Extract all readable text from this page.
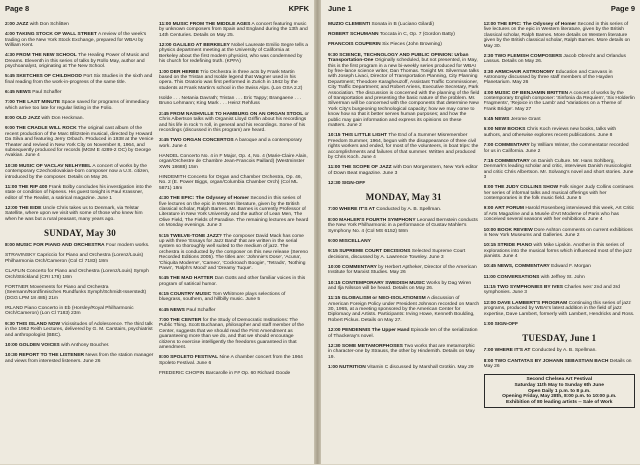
Page 8	KPFK

2:00 JAZZ with Don Schlitten

4:00 TAKING STOCK OF WALL STREET A review of the week's trading on the New York Stock Exchange, prepared for WBAI by William Kent.

4:30 FROM THE NEW SCHOOL The Healing Power of Music and Dreams. Eleventh in this series of talks by Rollo May, author and psychoanalyst, originating at The New School.

5:45 SKETCHES OF CHILDHOOD Port Six Studies in the sixth and final reading from the work-in-progress of the same title.

6:45 NEWS Paul Schaffer

7:00 THE LAST MINUTE Space saved for programs of immediacy which arrive too late for regular listing in the Folio.

8:00 OLD JAZZ with Don Heckman.

9:00 THE CRADLE WILL ROCK The original cast album of the recent production of the Marc Blitzstein musical, directed by Howard Da Silva and featuring Jerry Orbach. Produced in 1938 at the Venice Theater and revived in New York City on November 8, 1964, and subsequently produced for records (MGM E 4289-2 OC) by George Avakian. June 4

10:30 MUSIC OF VACLAV NELHYBEL A concert of works by the contemporary Czechoslovakian-born composer now a U.S. citizen, introduced by the composer. Details on May 26.

11:00 THE RIP 400 Frank Bolby concludes his investigation into the state or condition of hipness. His guest tonight is Paul Krassner, editor of The Realist, a satirical magazine. June 1

12:00 THE EIDE Uncle Chris takes us to Denmark, via Telstar Satellite, where upon we visit with some of those who knew him when he was but a rural peasant, many years ago.

SUNDAY, May 30

8:00 MUSIC FOR PIANO AND ORCHESTRA Four modern works.

STRAVINSKY Capriccio for Piano and Orchestra (Lorenz/Louis) Philharmonia Orch/Cameron (Col Cl 7183) 18m

CLAFLIN Concerto for Piano and Orchestra (Lorenz/Louis) Symph Orch/Strickland (CRI 178) 18m

FORTNER Movements for Piano and Orchestra (Seemann/Nordfinnisches Rundfunks Symph/Schmidt-Isserstedt) (DGG LPM 18 485) 21m

IRLAND Piano Concerto in Eb (Horsley/Royal Philharmonic Orch/Cameron) (Lon Cl 7183) 23m

9:30 THIS ISLAND NOW Vicissitudes of Adolescence. The third talk in the 1962 Reith Lectures, delivered by G. M. Carstairs, psychiatrist and anthropologist (BBC).

10:00 GOLDEN VOICES with Anthony Boucher.

10:30 REPORT TO THE LISTENER News from the station manager and views from interested listeners. June 26

11:00 MUSIC FROM THE MIDDLE AGES A concert featuring music by unknown composers from Spain and England during the 13th and 14th Centuries. Details on May 25.

12:00 GALILEO AT BERKELEY Nobel Laureate Emilio Segre tells a physics department meeting at the University of California at Berkeley about the first modern physicist, who was condemned by his church for redefining truth. (KPFA)

1:00 DER HERBE Trio Orchestra in three acts by Frank Martin based on the Tristan and Isolde legend that Wagner used in his opera. This Oratorio was first performed in Zurich in 1942 by the students at Frank Martin's school in the Swiss Alps. (Lon OSA 2.2)

Isolde . . . Netania Davrath; Tristan . . . Eric Tappy; Brangaene . . . Bruno Lehmann; King Mark . . . Heinz Rehfuss

2:45 FROM NASHVILLE TO HAMBURG ON AN ORGAN STOOL or Chris Albertson talks with Organist Lloyd Griffin about his recordings and his life in rock 'n roll, in general and his recordings. Some of his recordings (discussed in this program) are heard.

3:45 TWO ORGAN CONCERTOS A baroque and a contemporary work. June 4

HANDEL Concerto No. 4 in F Major, Op. 4, No. 4 (Marie-Claire Alain, organ/Orchestre de Chambre Jean-Francois Paillard) (Westminster XWN 18688) 15m

HINDEMITH Concerto for Organ and Chamber Orchestra, Op. 46, No. 2 (E. Power Biggs, organ/Columbia Chamber Orch) (Col ML 5871) 18m

4:30 THE EPIC: The Odyssey of Homer Second in this series of five lectures on the epic in Western literature, given by the British classical scholar, Ralph Barnes. Mr. Barnes is currently Professor of Literature in New York University and the author of Lean Men, The Olive Field, The Fields of Paradise. The remaining lectures are heard on Monday evenings. June 3

5:15 TWELVE-TONE JAZZ? The composer David Mack has come up with three 'Essays for Jazz Band' that are written in the serial system so thoroughly well suited to the medium of jazz. The orchestra is conducted by the composer on this new release (Sereno Recorded Editions 2005). The titles are: 'Johnnie's Dose', 'Acuna', 'Chiquita Moderne', 'Cameo', 'Cockroach Boogie', 'Tetrads', 'Nothing Pawn', 'Ralph's Mood' and 'Dreamy Tuque'.

5:45 THE MAD HATTER Dan Gotts and other familiar voices in this program of satirical humor.

6:15 COUNTRY MUSIC Tom Whitmore plays selections of bluegrass, southern, and hillbilly music. June 5

6:45 NEWS Paul Schaffer

7:00 THE CENTER for the Study of Democratic Institutions: The Public Thing. Scott Buchanan, philosopher and staff member of the Center, suggests that we should read the First Amendment as guaranteeing more than we do, and that we should encourage citizens to exercise intelligently the freedoms guaranteed in that amendment.

8:00 SPOLETO FESTIVAL Nine A chamber concert from the 1964 Spoleto Festival. June 6

FREDERIC CHOPIN Barcarolle in F# Op. 60 Richard Goode

June 1	Page 9

MUZIO CLEMENTI Sonata in B (Luciano Gilardi)

ROBERT SCHUMANN Toccata in C, Op. 7 (Gordon Batty)

FRANCOIS COUPERIN Six Pieces (John Browning)

9:30 SCIENCE, TECHNOLOGY AND PUBLIC OPINION: Urban Transportation-One Originally scheduled, but not presented, in May, this is the first program in a new bi-weekly series produced for WBAI by free-lance science writer, Dan Thomas. Tonight Mr. Silverman talks with Joseph Livaci, Director of Transportation Planning, City Planning Department; Theodore Karagheuzoff, Assistant Traffic Commissioner, City Traffic Department; and Robert Ariens, Executive Secretary, Park Association. The discussion is concerned with the planning of the field of transportation and presenting the basic nature of the problem. Mr. Silverman will be concerned with the components that determine New York City's burgeoning technological capacity; how we may come to know how so that it better serves human purposes; and how the public may gain information and express its opinions on these matters. June 2

10:15 THIS LITTLE LIGHT The End of a Summer Misremember Freedom Summer, 1964, begun with the disappearance of three civil rights workers and ended, for most of the volunteers, in boat trips: the accomplishments and failures of that summer. Written and produced by Chris Koch. June 4

11:00 THE SCOPE OF JAZZ with Don Morgenstern, New York editor of Down Beat magazine. June 3

12:30 SIGN-OFF

MONDAY, May 31

7:00 WHERE IT'S AT Conducted by A. B. Spellman.

8:00 MAHLER'S FOURTH SYMPHONY Leonard Bernstein conducts the New York Philharmonic in a performance of Gustav Mahler's Symphony No. 4 (Col MS 6152) 58m

9:00 MISCELLANY

9:15 SUPREME COURT DECISIONS Selected Supreme Court decisions, discussed by A. Lawrence Townley. June 3

10:00 COMMENTARY by Herbert Aptheker, Director of the American Institute for Marxist Studies. May 26

10:15 CONTEMPORARY SWEDISH MUSIC Works by Dag Wiren and Ilja Nilsson will be heard. Details on May 26.

11:15 GLOBALISM or NEO-ISOLATIONISM A discussion of American Foreign Policy under President Johnson recorded on March 30, 1965, at a meeting sponsored by the American Center for Diplomacy and Artists. Participants: Irving Howe, Kenneth Boulding, Robert Pickus. Details on May 27.

12:00 PENDENNIS The Upper Hand Episode ten of the serialization of Thackeray's novel.

12:30 SOME METAMORPHOSES Two works that are metamorphic in character-one by Strauss, the other by Hindemith. Details on May 19.

1:00 NUTRITION Vitamin C discussed by Marshall Grotkin. May 29

12:00 THE EPIC: The Odyssey of Homer Second in this series of five lectures on the epic in Western literature, given by the British classical scholar, Ralph Barnes. More details on Western literature given by the British classical scholar, Ralph Barnes. More details on May 30.

2:30 TWO FLEMISH COMPOSERS Jacob Obrecht and Orlandus Lassus. Details on May 26.

3:30 ARMCHAIR ASTRONOMY Education and Canvass in Astronomy discussed by three staff members of the Hayden Planetarium. May 26

4:00 MUSIC OF BENJAMIN BRITTEN A concert of works by the contemporary English composer: 'Sinfonia da Requiem', 'Six Holderlin Fragments', 'Rejoice in the Lamb' and 'Variations on a Theme of Frank Bridge'. May 27

5:45 NEWS Jerome Grant

6:00 NEW BOOKS Chris Koch reviews new books, talks with authors, and otherwise explores recent publications. June 8

7:00 COMMENTARY by William Winter, the commentator recorded for us in California. June 2

7:15 COMMENTARY on Danish Culture. Mr. Hans Sohlberg, Denmark's leading scholar and critic, interviews Danish musicologist and critic Chris Albertson. Mr. Solvang's novel and short stories. June 3

8:00 THE JUDY COLLINS SHOW Folk singer Judy Collins continues her series of informal talks and musical offerings with her contemporaries in the folk music field. June 5

9:00 ART FORUM Harold Rosenberg interviewed this week, Art Critic of Arts Magazine and a Musée d'Art Moderne of Paris who has conceived several seasons with her exhibitions. June 4

10:00 BOOK REVIEW Dore Ashton comments on current exhibitions in New York Museums and Galleries. June 2

10:15 STRIDE PIANO with Mike Lipskin. Another in this series of explorations into the musical forms which influenced most of the jazz pianists. June 4

10:45 NEWS, COMMENTARY Edward F. Morgan

11:00 CONVERSATIONS with Jeffrey St. John

11:15 TWO SYMPHONIES BY IVES Charles Ives' 2nd and 3rd symphonies. June 3

12:00 DAVE LAMBERT'S PROGRAM Continuing this series of jazz programs, produced by WBAI's latest addition in the field of jazz expertise, Dave Lambert, formerly with Lambert, Hendricks and Ross.

1:00 SIGN-OFF

TUESDAY, June 1

7:00 WHERE IT'S AT Conducted by A. B. Spellman.

8:00 TWO CANTATAS BY JOHANN SEBASTIAN BACH Details on May 26

Second Chelsea Art Festival
Saturday 11th May to Sunday 6th June
Open Daily 1 p.m. to 8 p.m.
Opening Friday, May 28th, 8:00 p.m. to 10:00 p.m.
Exhibition of 80 leading artists -- Sale of Work
